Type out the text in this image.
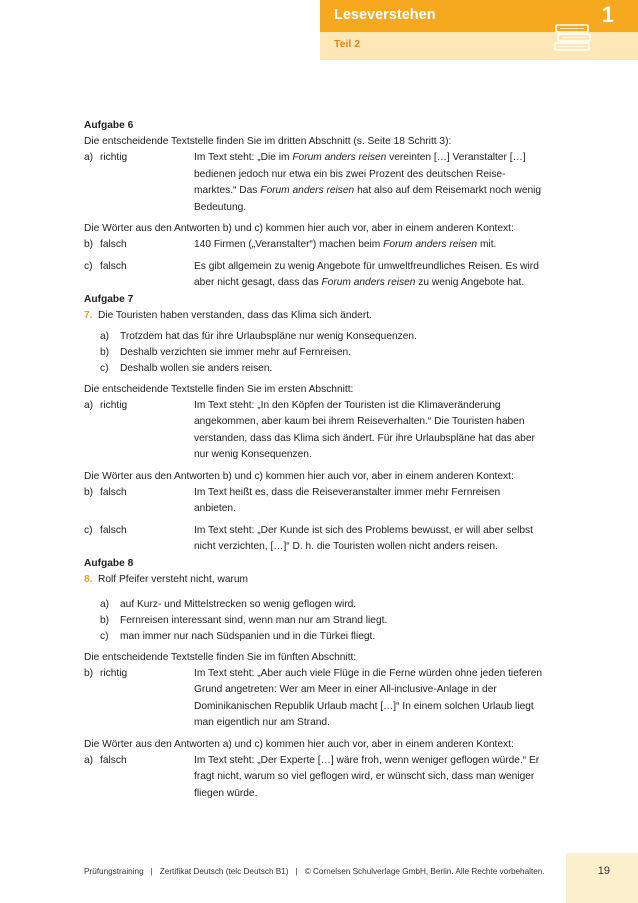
Leseverstehen
Teil 2
1
Aufgabe 6
Die entscheidende Textstelle finden Sie im dritten Abschnitt (s. Seite 18 Schritt 3):
a) richtig	Im Text steht: „Die im Forum anders reisen vereinten […] Veranstalter […] bedienen jedoch nur etwa ein bis zwei Prozent des deutschen Reisemarktes.“ Das Forum anders reisen hat also auf dem Reisemarkt noch wenig Bedeutung.
Die Wörter aus den Antworten b) und c) kommen hier auch vor, aber in einem anderen Kontext:
b) falsch	140 Firmen („Veranstalter“) machen beim Forum anders reisen mit.
c) falsch	Es gibt allgemein zu wenig Angebote für umweltfreundliches Reisen. Es wird aber nicht gesagt, dass das Forum anders reisen zu wenig Angebote hat.
Aufgabe 7
7. Die Touristen haben verstanden, dass das Klima sich ändert.
a)	Trotzdem hat das für ihre Urlaubspläne nur wenig Konsequenzen.
b)	Deshalb verzichten sie immer mehr auf Fernreisen.
c)	Deshalb wollen sie anders reisen.
Die entscheidende Textstelle finden Sie im ersten Abschnitt:
a) richtig	Im Text steht: „In den Köpfen der Touristen ist die Klimaveränderung angekommen, aber kaum bei ihrem Reiseverhalten.“ Die Touristen haben verstanden, dass das Klima sich ändert. Für ihre Urlaubspläne hat das aber nur wenig Konsequenzen.
Die Wörter aus den Antworten b) und c) kommen hier auch vor, aber in einem anderen Kontext:
b) falsch	Im Text heißt es, dass die Reiseveranstalter immer mehr Fernreisen anbieten.
c) falsch	Im Text steht: „Der Kunde ist sich des Problems bewusst, er will aber selbst nicht verzichten, […]“ D. h. die Touristen wollen nicht anders reisen.
Aufgabe 8
8. Rolf Pfeifer versteht nicht, warum
a)	auf Kurz- und Mittelstrecken so wenig geflogen wird.
b)	Fernreisen interessant sind, wenn man nur am Strand liegt.
c)	man immer nur nach Südspanien und in die Türkei fliegt.
Die entscheidende Textstelle finden Sie im fünften Abschnitt:
b) richtig	Im Text steht: „Aber auch viele Flüge in die Ferne würden ohne jeden tieferen Grund angetreten: Wer am Meer in einer All-inclusive-Anlage in der Dominikanischen Republik Urlaub macht […]“ In einem solchen Urlaub liegt man eigentlich nur am Strand.
Die Wörter aus den Antworten a) und c) kommen hier auch vor, aber in einem anderen Kontext:
a) falsch	Im Text steht: „Der Experte […] wäre froh, wenn weniger geflogen würde.“ Er fragt nicht, warum so viel geflogen wird, er wünscht sich, dass man weniger fliegen würde.
Prüfungstraining | Zertifikat Deutsch (telc Deutsch B1) | © Cornelsen Schulverlage GmbH, Berlin. Alle Rechte vorbehalten.	19
